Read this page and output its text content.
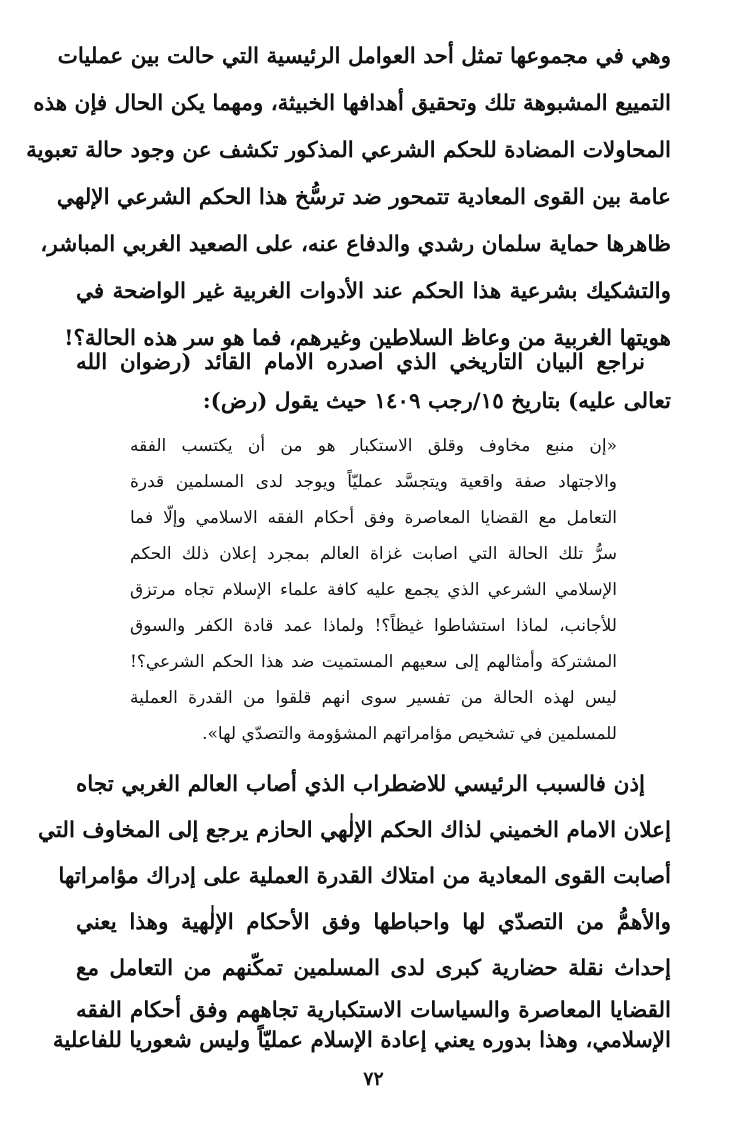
وهي في مجموعها تمثل أحد العوامل الرئيسية التي حالت بين عمليات
التمييع المشبوهة تلك وتحقيق أهدافها الخبيثة، ومهما يكن الحال فإن هذه
المحاولات المضادة للحكم الشرعي المذكور تكشف عن وجود حالة تعبوية
عامة بين القوى المعادية تتمحور ضد ترسُّخ هذا الحكم الشرعي الإلهي
ظاهرها حماية سلمان رشدي والدفاع عنه، على الصعيد الغربي المباشر،
والتشكيك بشرعية هذا الحكم عند الأدوات الغربية غير الواضحة في
هويتها الغربية من وعاظ السلاطين وغيرهم، فما هو سر هذه الحالة؟!
نراجع البيان التاريخي الذي اصدره الامام القائد (رضوان الله
تعالى عليه) بتاريخ ١٥/رجب ١٤٠٩ حيث يقول (رض):
«إن منبع مخاوف وقلق الاستكبار هو من أن يكتسب الفقه
والاجتهاد صفة واقعية ويتجسَّد عمليّاً ويوجد لدى المسلمين قدرة
التعامل مع القضايا المعاصرة وفق أحكام الفقه الاسلامي وإلّا فما
سرُّ تلك الحالة التي اصابت غزاة العالم بمجرد إعلان ذلك الحكم
الإسلامي الشرعي الذي يجمع عليه كافة علماء الإسلام تجاه مرتزق
للأجانب، لماذا استشاطوا غيظاً؟! ولماذا عمد قادة الكفر والسوق
المشتركة وأمثالهم إلى سعيهم المستميت ضد هذا الحكم الشرعي؟!
ليس لهذه الحالة من تفسير سوى انهم قلقوا من القدرة العملية
للمسلمين في تشخيص مؤامراتهم المشؤومة والتصدّي لها».
إذن فالسبب الرئيسي للاضطراب الذي أصاب العالم الغربي تجاه
إعلان الامام الخميني لذاك الحكم الإلٰهي الحازم يرجع إلى المخاوف التي
أصابت القوى المعادية من امتلاك القدرة العملية على إدراك مؤامراتها
والأهمُّ من التصدّي لها واحباطها وفق الأحكام الإلٰهية وهذا يعني
إحداث نقلة حضارية كبرى لدى المسلمين تمكّنهم من التعامل مع
القضايا المعاصرة والسياسات الاستكبارية تجاههم وفق أحكام الفقه
الإسلامي، وهذا بدوره يعني إعادة الإسلام عمليّاً وليس شعوريا للفاعلية
٧٢
